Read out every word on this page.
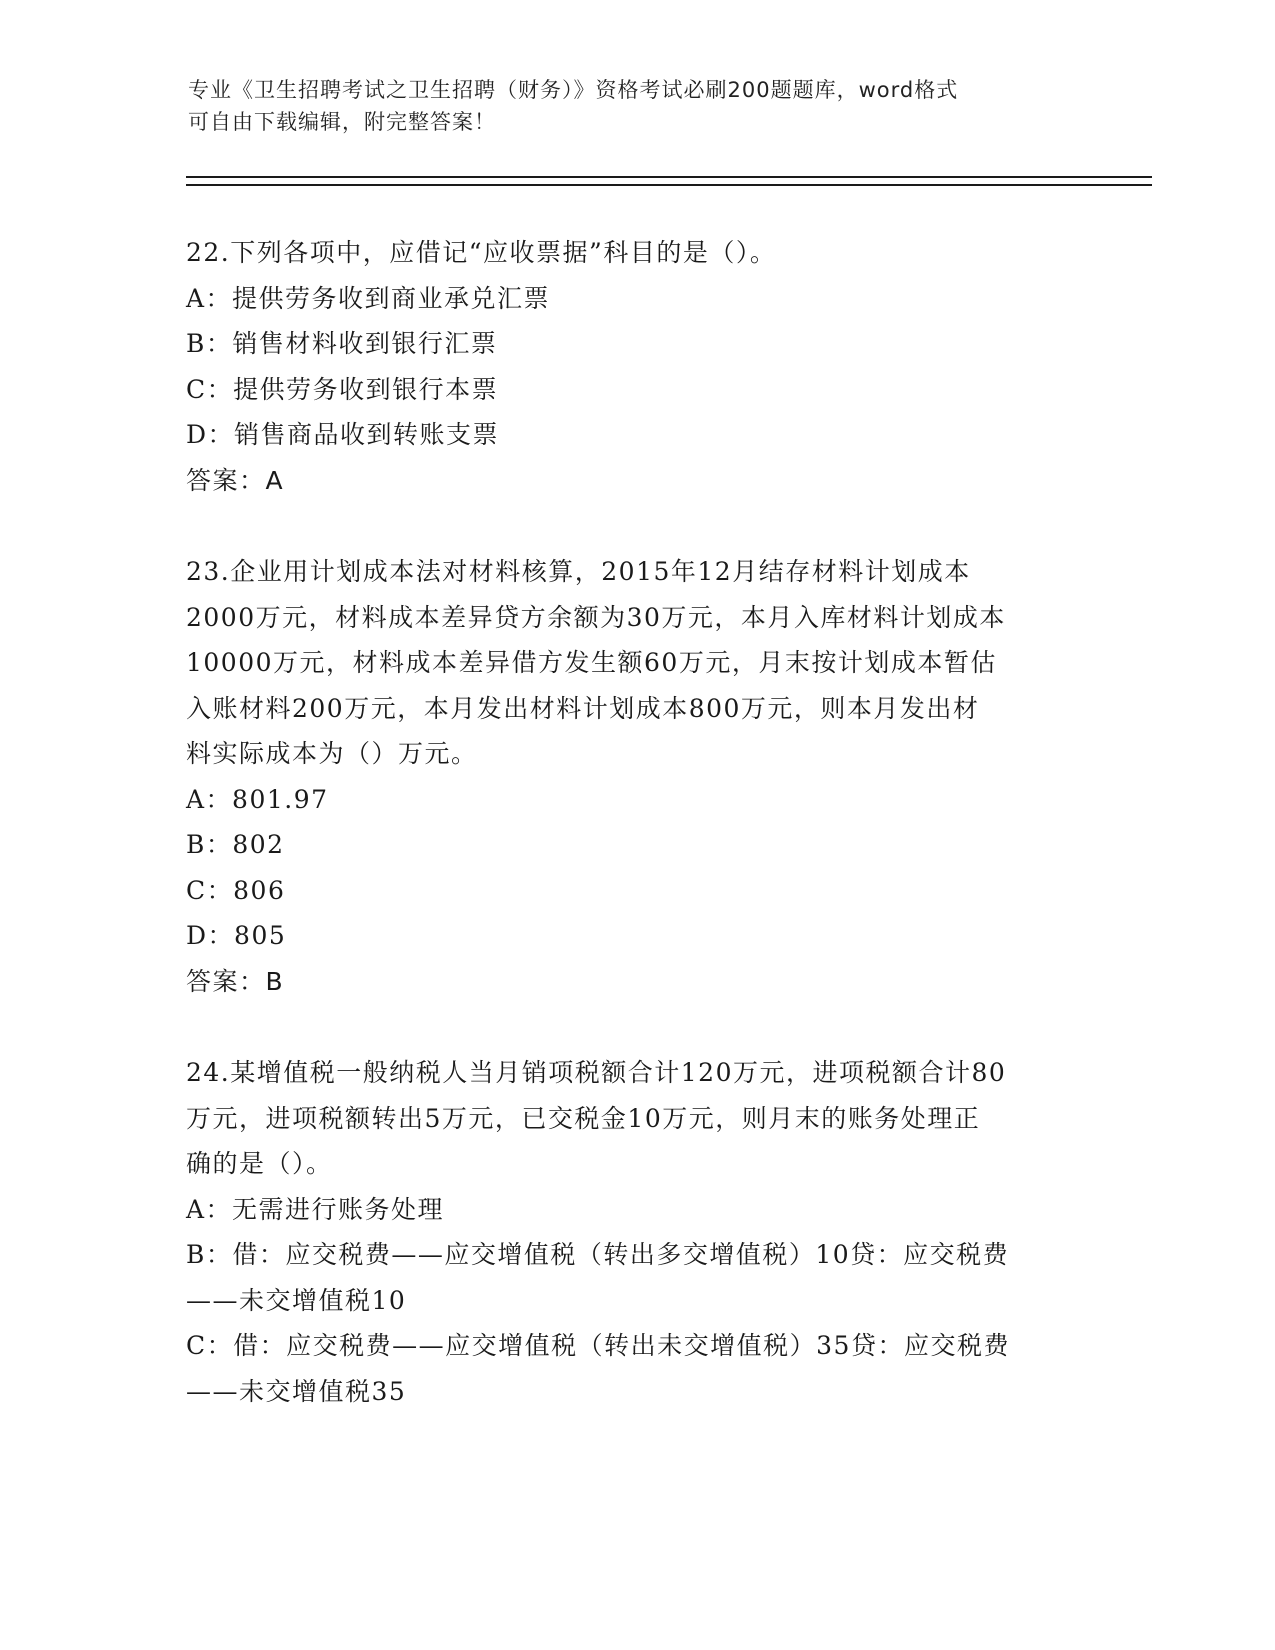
专业《卫生招聘考试之卫生招聘（财务）》资格考试必刷200题题库，word格式

可自由下载编辑，附完整答案！

22.下列各项中，应借记“应收票据”科目的是（）。

A：提供劳务收到商业承兑汇票

B：销售材料收到银行汇票

C：提供劳务收到银行本票

D：销售商品收到转账支票

答案：A

23.企业用计划成本法对材料核算，2015年12月结存材料计划成本

2000万元，材料成本差异贷方余额为30万元，本月入库材料计划成本

10000万元，材料成本差异借方发生额60万元，月末按计划成本暂估

入账材料200万元，本月发出材料计划成本800万元，则本月发出材

料实际成本为（）万元。

A：801.97

B：802

C：806

D：805

答案：B

24.某增值税一般纳税人当月销项税额合计120万元，进项税额合计80

万元，进项税额转出5万元，已交税金10万元，则月末的账务处理正

确的是（）。

A：无需进行账务处理

B：借：应交税费——应交增值税（转出多交增值税）10贷：应交税费

——未交增值税10

C：借：应交税费——应交增值税（转出未交增值税）35贷：应交税费

——未交增值税35
